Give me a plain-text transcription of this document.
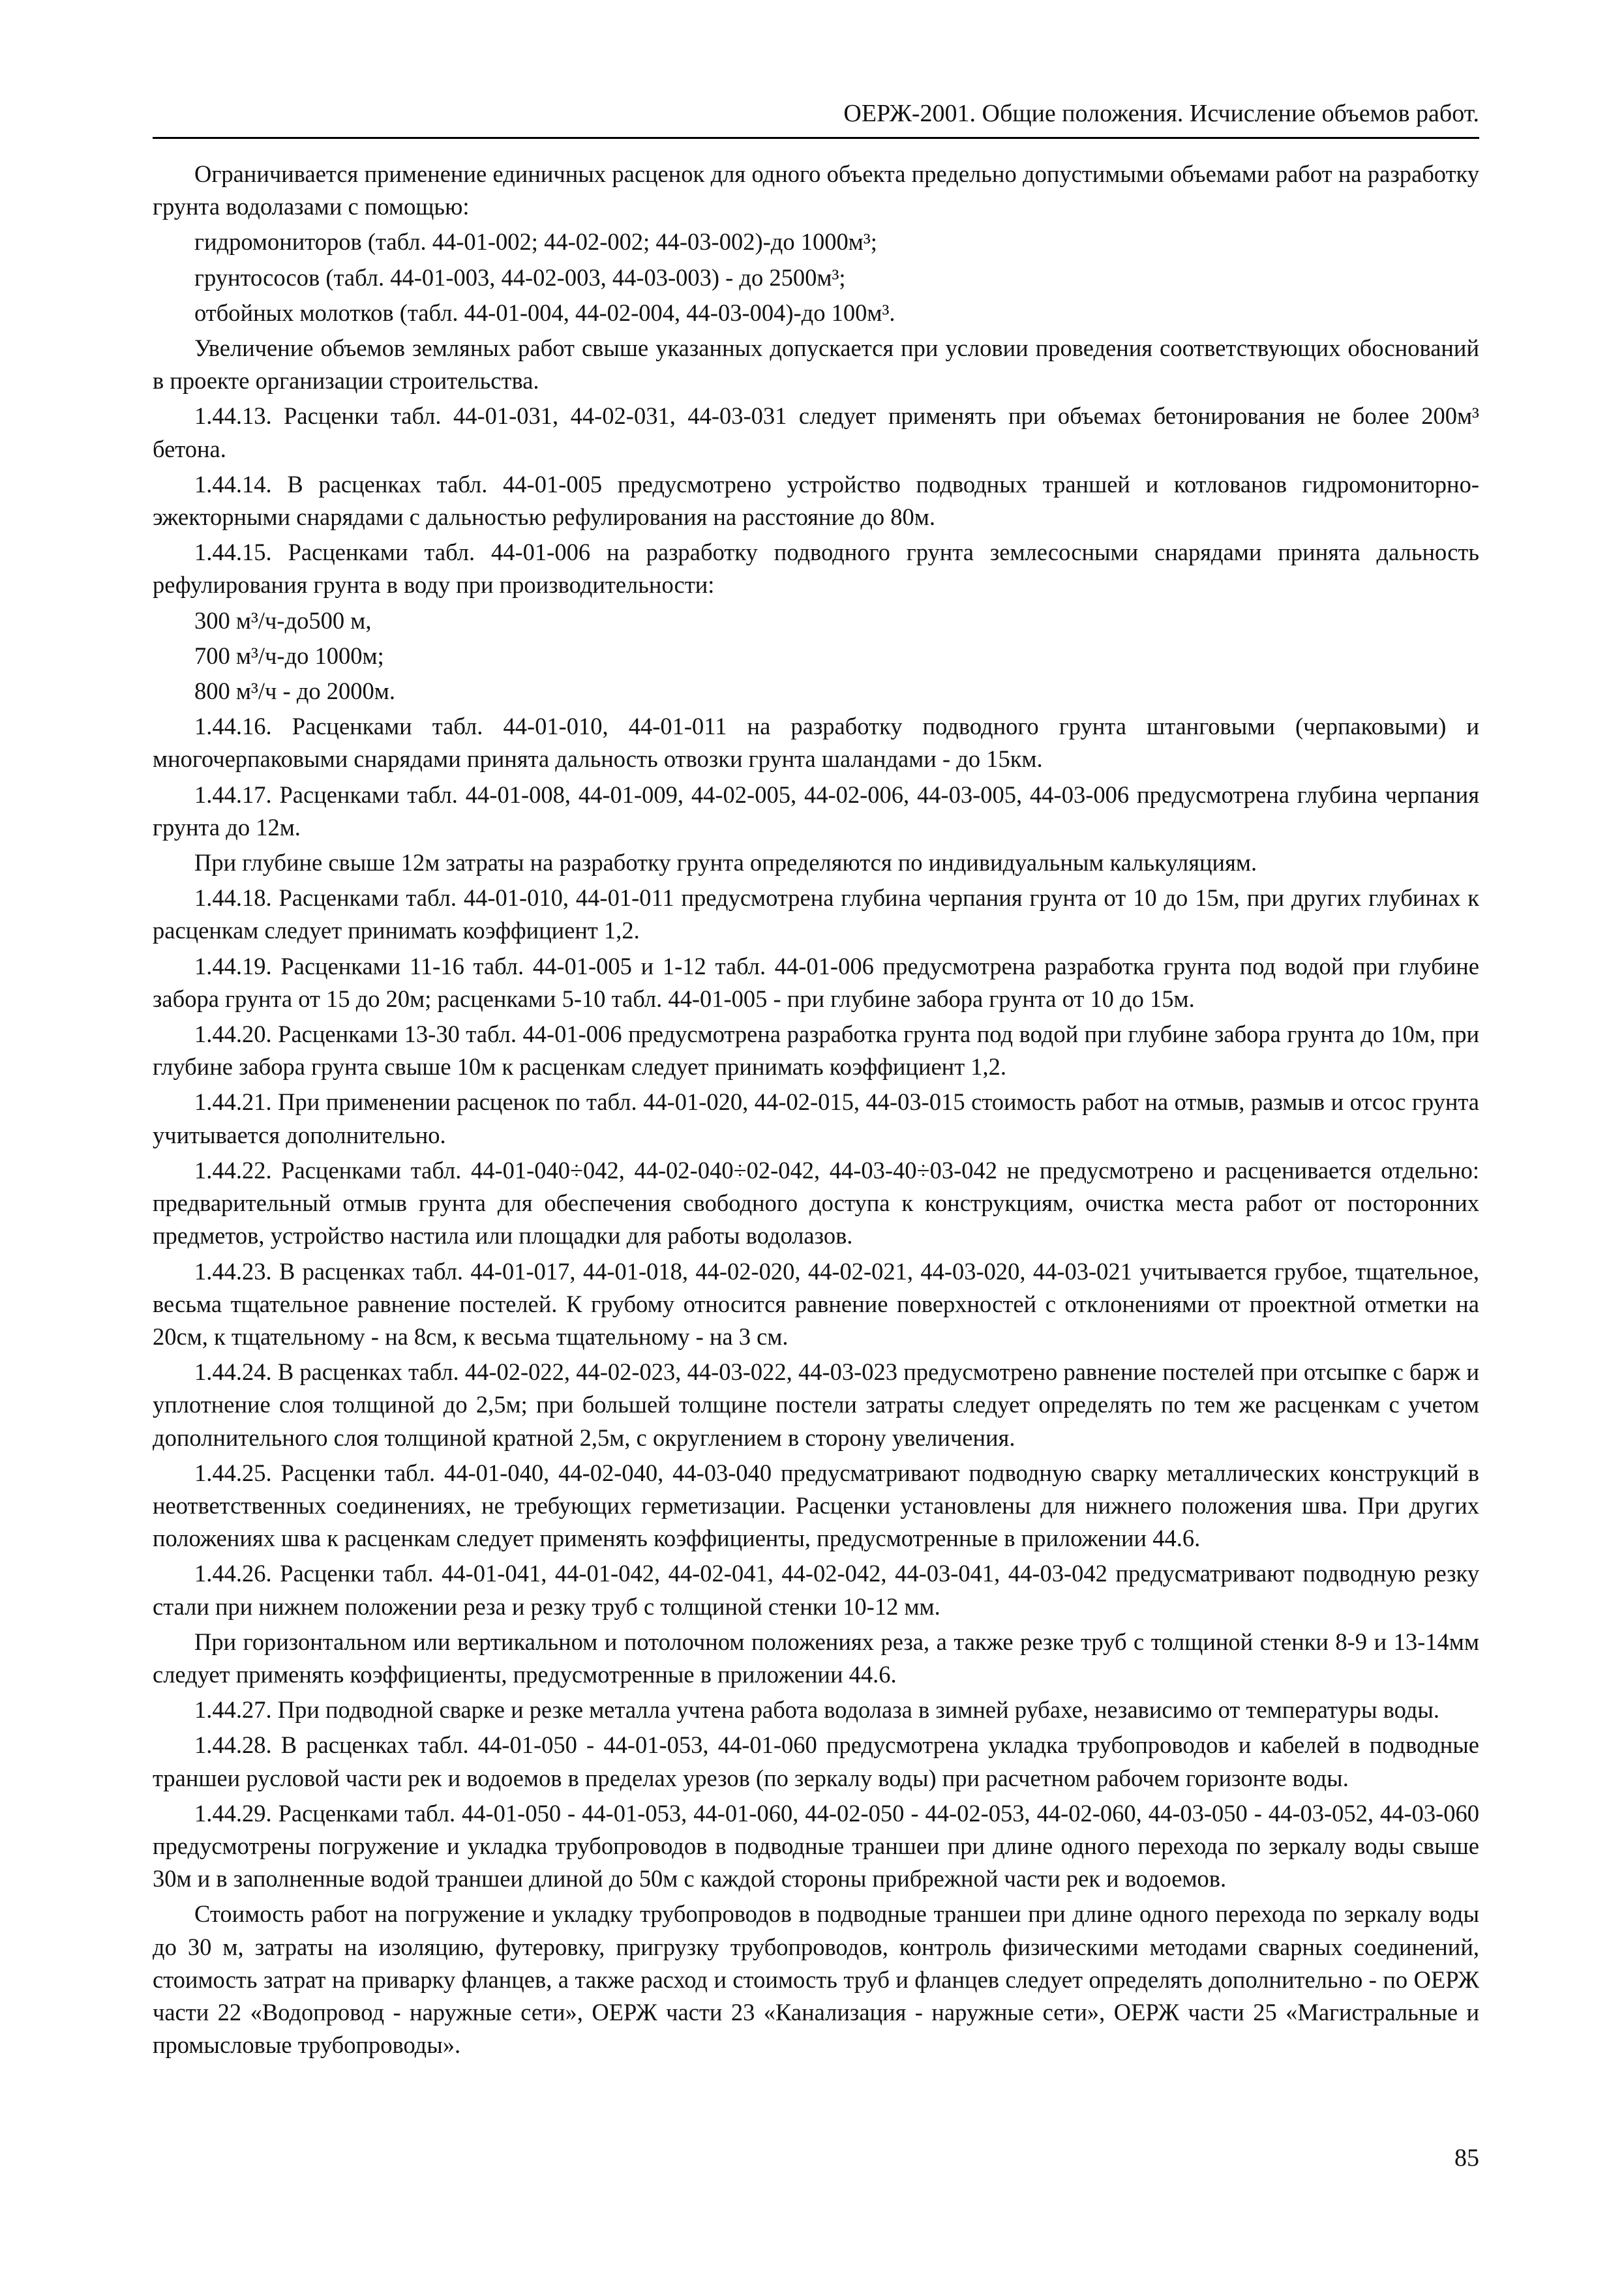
ОЕРЖ-2001. Общие положения. Исчисление объемов работ.

Ограничивается применение единичных расценок для одного объекта предельно допустимыми объемами работ на разработку грунта водолазами с помощью:

гидромониторов (табл. 44-01-002; 44-02-002; 44-03-002)-до 1000м³;

грунтососов (табл. 44-01-003, 44-02-003, 44-03-003) - до 2500м³;

отбойных молотков (табл. 44-01-004, 44-02-004, 44-03-004)-до 100м³.

Увеличение объемов земляных работ свыше указанных допускается при условии проведения соответствующих обоснований в проекте организации строительства.

1.44.13. Расценки табл. 44-01-031, 44-02-031, 44-03-031 следует применять при объемах бетонирования не более 200м³ бетона.

1.44.14. В расценках табл. 44-01-005 предусмотрено устройство подводных траншей и котлованов гидромониторно-эжекторными снарядами с дальностью рефулирования на расстояние до 80м.

1.44.15. Расценками табл. 44-01-006 на разработку подводного грунта землесосными снарядами принята дальность рефулирования грунта в воду при производительности:

300 м³/ч-до500 м,

700 м³/ч-до 1000м;

800 м³/ч - до 2000м.

1.44.16. Расценками табл. 44-01-010, 44-01-011 на разработку подводного грунта штанговыми (черпаковыми) и многочерпаковыми снарядами принята дальность отвозки грунта шаландами - до 15км.

1.44.17. Расценками табл. 44-01-008, 44-01-009, 44-02-005, 44-02-006, 44-03-005, 44-03-006 предусмотрена глубина черпания грунта до 12м.

При глубине свыше 12м затраты на разработку грунта определяются по индивидуальным калькуляциям.

1.44.18. Расценками табл. 44-01-010, 44-01-011 предусмотрена глубина черпания грунта от 10 до 15м, при других глубинах к расценкам следует принимать коэффициент 1,2.

1.44.19. Расценками 11-16 табл. 44-01-005 и 1-12 табл. 44-01-006 предусмотрена разработка грунта под водой при глубине забора грунта от 15 до 20м; расценками 5-10 табл. 44-01-005 - при глубине забора грунта от 10 до 15м.

1.44.20. Расценками 13-30 табл. 44-01-006 предусмотрена разработка грунта под водой при глубине забора грунта до 10м, при глубине забора грунта свыше 10м к расценкам следует принимать коэффициент 1,2.

1.44.21. При применении расценок по табл. 44-01-020, 44-02-015, 44-03-015 стоимость работ на отмыв, размыв и отсос грунта учитывается дополнительно.

1.44.22. Расценками табл. 44-01-040÷042, 44-02-040÷02-042, 44-03-40÷03-042 не предусмотрено и расценивается отдельно: предварительный отмыв грунта для обеспечения свободного доступа к конструкциям, очистка места работ от посторонних предметов, устройство настила или площадки для работы водолазов.

1.44.23. В расценках табл. 44-01-017, 44-01-018, 44-02-020, 44-02-021, 44-03-020, 44-03-021 учитывается грубое, тщательное, весьма тщательное равнение постелей. К грубому относится равнение поверхностей с отклонениями от проектной отметки на 20см, к тщательному - на 8см, к весьма тщательному - на 3 см.

1.44.24. В расценках табл. 44-02-022, 44-02-023, 44-03-022, 44-03-023 предусмотрено равнение постелей при отсыпке с барж и уплотнение слоя толщиной до 2,5м; при большей толщине постели затраты следует определять по тем же расценкам с учетом дополнительного слоя толщиной кратной 2,5м, с округлением в сторону увеличения.

1.44.25. Расценки табл. 44-01-040, 44-02-040, 44-03-040 предусматривают подводную сварку металлических конструкций в неответственных соединениях, не требующих герметизации. Расценки установлены для нижнего положения шва. При других положениях шва к расценкам следует применять коэффициенты, предусмотренные в приложении 44.6.

1.44.26. Расценки табл. 44-01-041, 44-01-042, 44-02-041, 44-02-042, 44-03-041, 44-03-042 предусматривают подводную резку стали при нижнем положении реза и резку труб с толщиной стенки 10-12 мм.

При горизонтальном или вертикальном и потолочном положениях реза, а также резке труб с толщиной стенки 8-9 и 13-14мм следует применять коэффициенты, предусмотренные в приложении 44.6.

1.44.27. При подводной сварке и резке металла учтена работа водолаза в зимней рубахе, независимо от температуры воды.

1.44.28. В расценках табл. 44-01-050 - 44-01-053, 44-01-060 предусмотрена укладка трубопроводов и кабелей в подводные траншеи русловой части рек и водоемов в пределах урезов (по зеркалу воды) при расчетном рабочем горизонте воды.

1.44.29. Расценками табл. 44-01-050 - 44-01-053, 44-01-060, 44-02-050 - 44-02-053, 44-02-060, 44-03-050 - 44-03-052, 44-03-060 предусмотрены погружение и укладка трубопроводов в подводные траншеи при длине одного перехода по зеркалу воды свыше 30м и в заполненные водой траншеи длиной до 50м с каждой стороны прибрежной части рек и водоемов.

Стоимость работ на погружение и укладку трубопроводов в подводные траншеи при длине одного перехода по зеркалу воды до 30 м, затраты на изоляцию, футеровку, пригрузку трубопроводов, контроль физическими методами сварных соединений, стоимость затрат на приварку фланцев, а также расход и стоимость труб и фланцев следует определять дополнительно - по ОЕРЖ части 22 «Водопровод - наружные сети», ОЕРЖ части 23 «Канализация - наружные сети», ОЕРЖ части 25 «Магистральные и промысловые трубопроводы».

85
